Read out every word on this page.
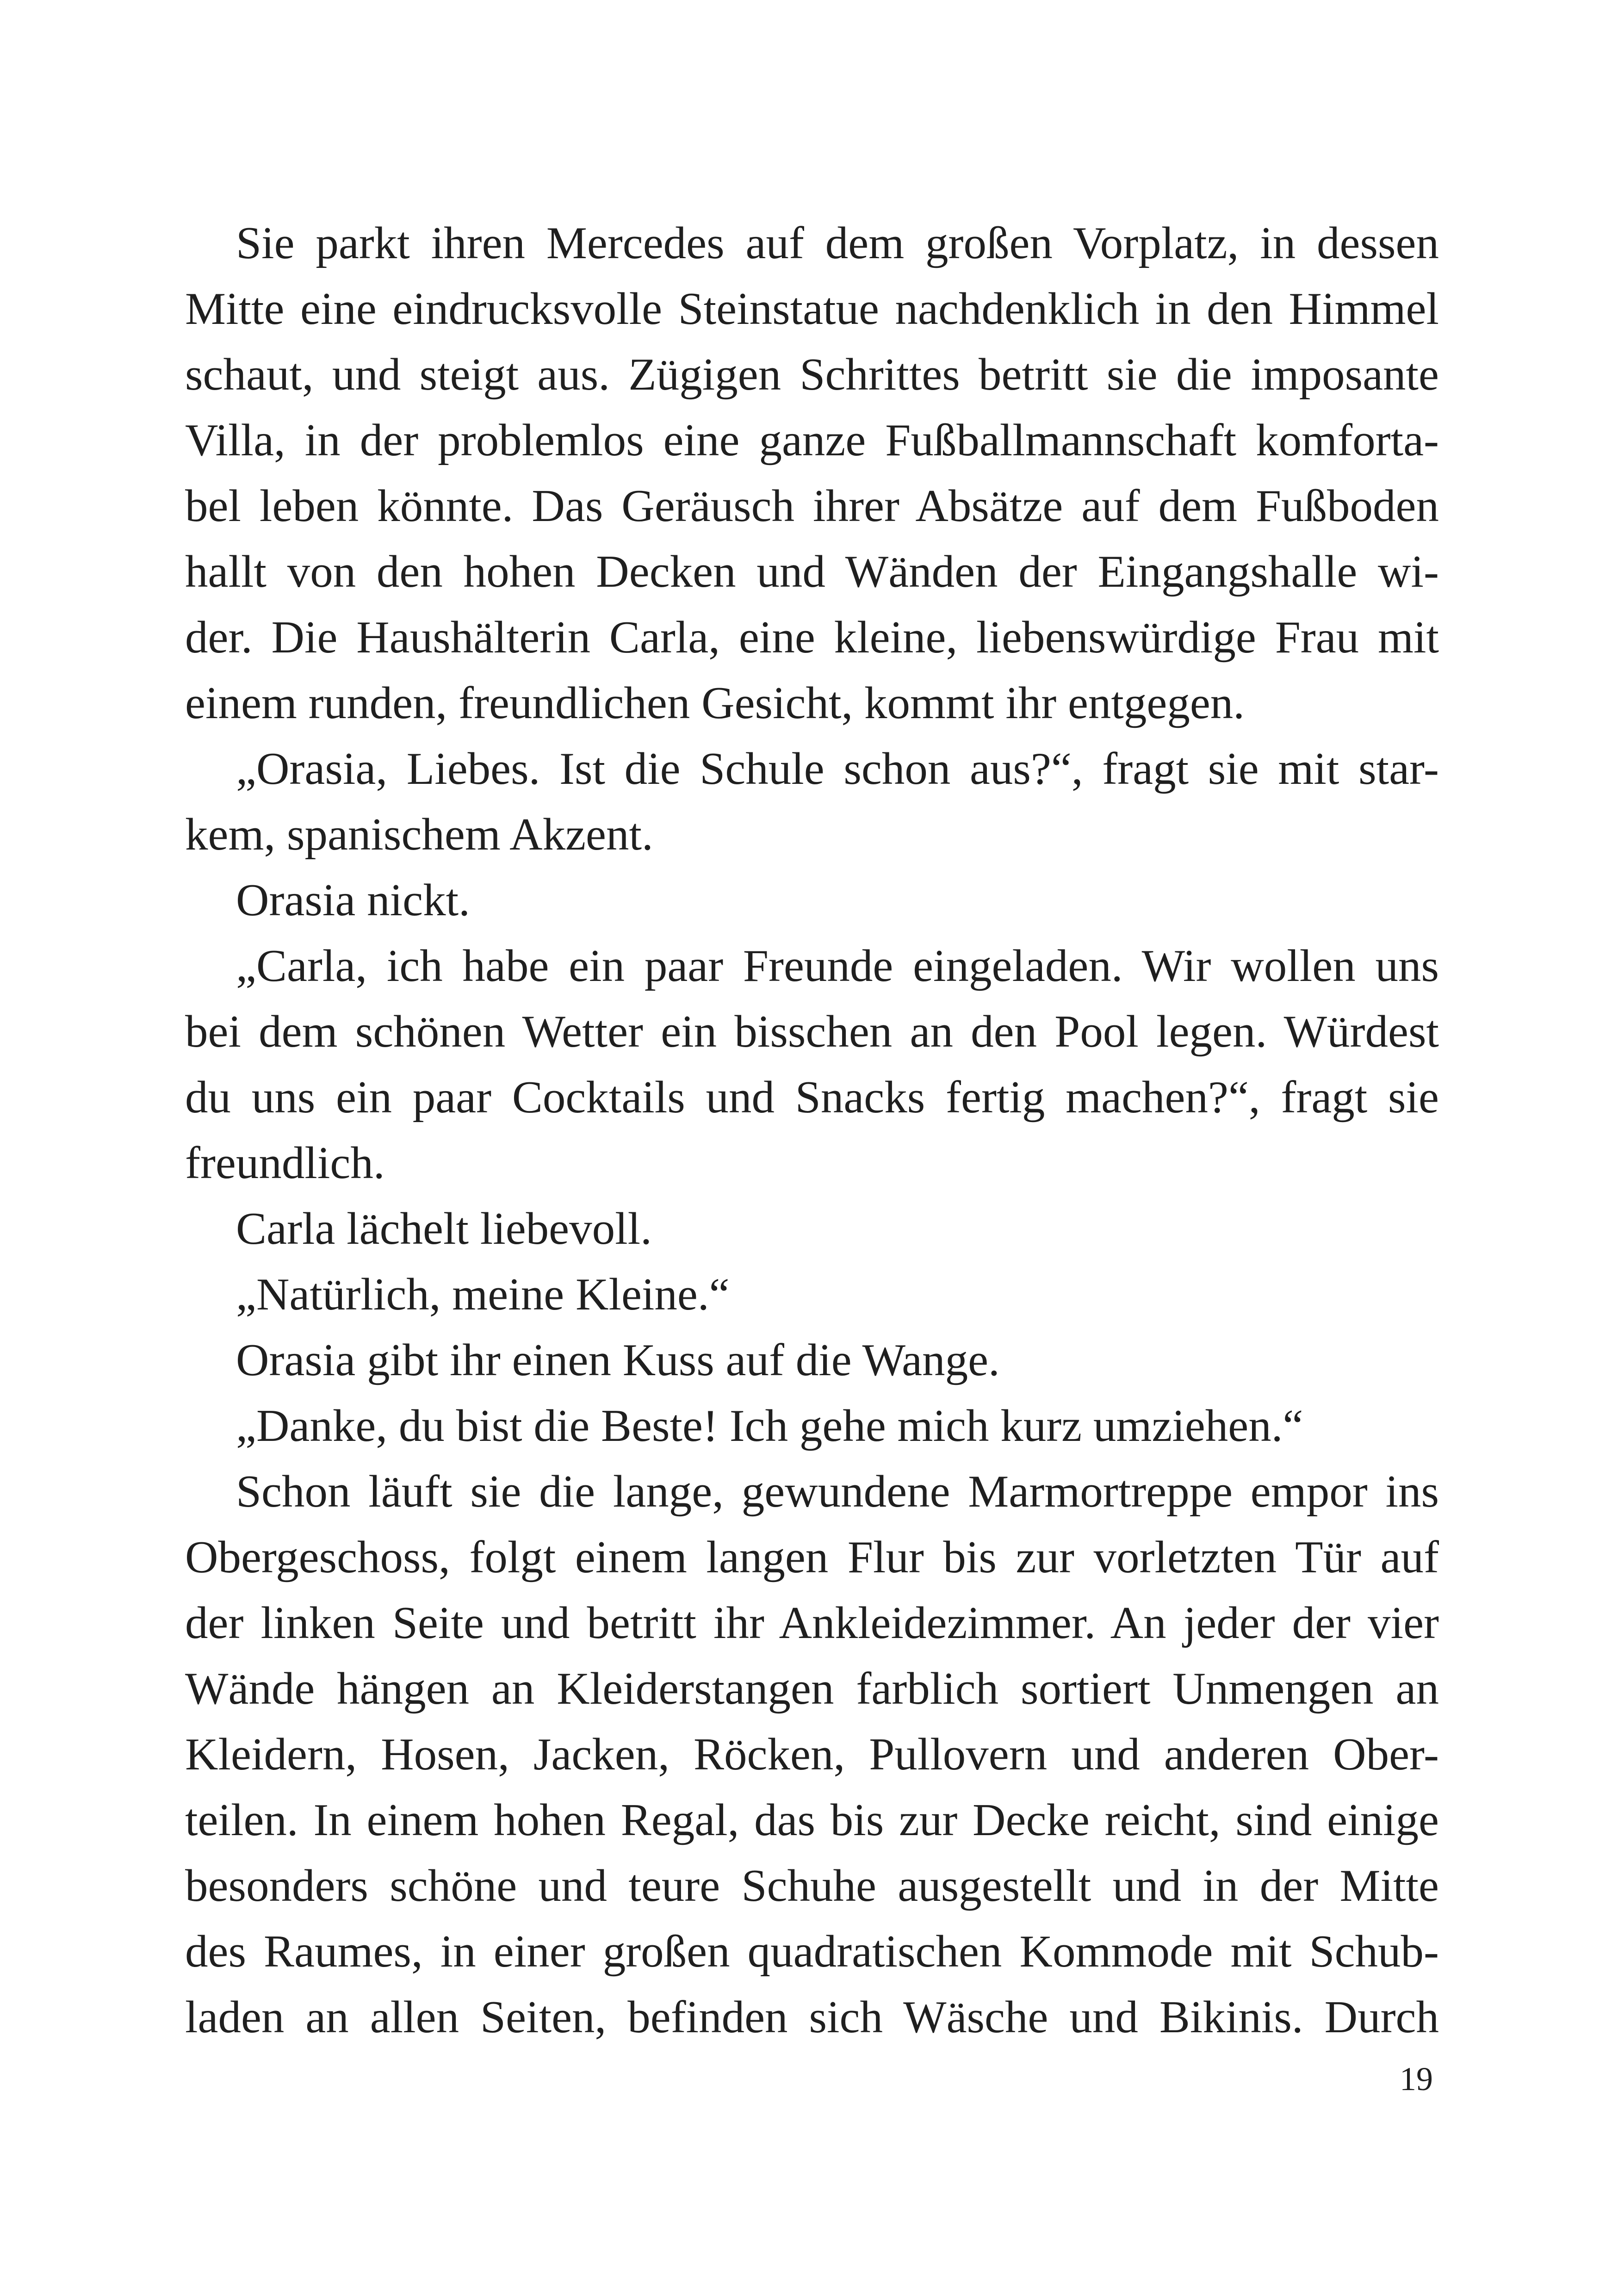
Sie parkt ihren Mercedes auf dem großen Vorplatz, in dessen
Mitte eine eindrucksvolle Steinstatue nachdenklich in den Himmel
schaut, und steigt aus. Zügigen Schrittes betritt sie die imposante
Villa, in der problemlos eine ganze Fußballmannschaft komforta-
bel leben könnte. Das Geräusch ihrer Absätze auf dem Fußboden
hallt von den hohen Decken und Wänden der Eingangshalle wi-
der. Die Haushälterin Carla, eine kleine, liebenswürdige Frau mit
einem runden, freundlichen Gesicht, kommt ihr entgegen.
„Orasia, Liebes. Ist die Schule schon aus?“, fragt sie mit star-
kem, spanischem Akzent.
Orasia nickt.
„Carla, ich habe ein paar Freunde eingeladen. Wir wollen uns
bei dem schönen Wetter ein bisschen an den Pool legen. Würdest
du uns ein paar Cocktails und Snacks fertig machen?“, fragt sie
freundlich.
Carla lächelt liebevoll.
„Natürlich, meine Kleine.“
Orasia gibt ihr einen Kuss auf die Wange.
„Danke, du bist die Beste! Ich gehe mich kurz umziehen.“
Schon läuft sie die lange, gewundene Marmortreppe empor ins
Obergeschoss, folgt einem langen Flur bis zur vorletzten Tür auf
der linken Seite und betritt ihr Ankleidezimmer. An jeder der vier
Wände hängen an Kleiderstangen farblich sortiert Unmengen an
Kleidern, Hosen, Jacken, Röcken, Pullovern und anderen Ober-
teilen. In einem hohen Regal, das bis zur Decke reicht, sind einige
besonders schöne und teure Schuhe ausgestellt und in der Mitte
des Raumes, in einer großen quadratischen Kommode mit Schub-
laden an allen Seiten, befinden sich Wäsche und Bikinis. Durch
19
